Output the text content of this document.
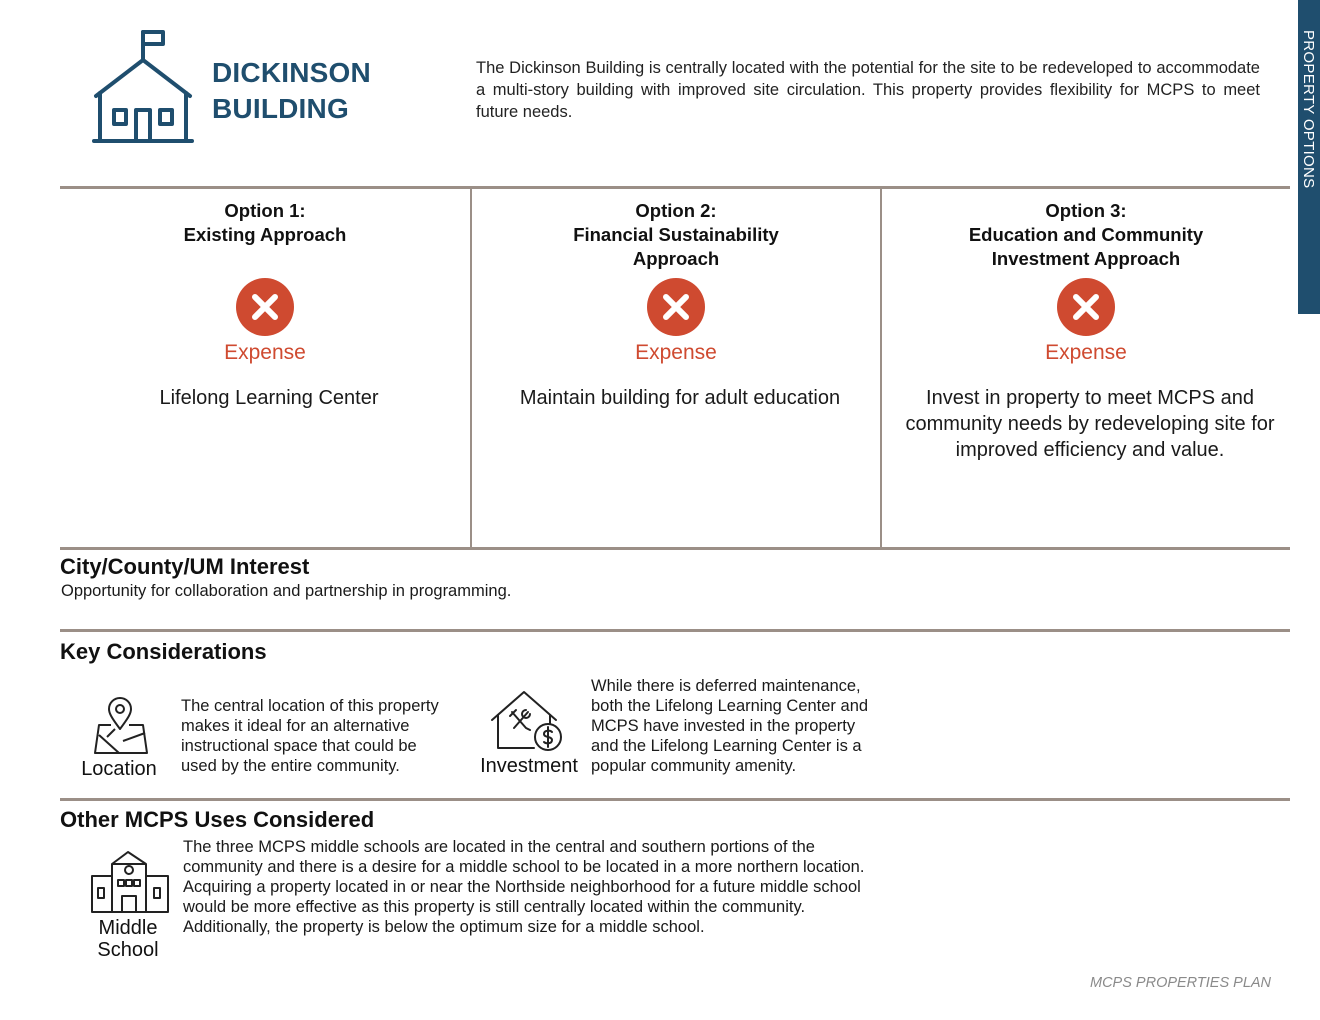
DICKINSON
BUILDING
The Dickinson Building is centrally located with the potential for the site to be redeveloped to accommodate a multi-story building with improved site circulation. This property provides flexibility for MCPS to meet future needs.	PROPERTY OPTIONS
Option 1:
Existing Approach
Expense
Lifelong Learning Center
Option 2:
Financial Sustainability
Approach
Expense
Maintain building for adult education
Option 3:
Education and Community
Investment Approach
Expense
Invest in property to meet MCPS and community needs by redeveloping site for improved efficiency and value.
City/County/UM Interest
Opportunity for collaboration and partnership in programming.
Key Considerations
Location
The central location of this property makes it ideal for an alternative instructional space that could be used by the entire community.	Investment
While there is deferred maintenance, both the Lifelong Learning Center and MCPS have invested in the property and the Lifelong Learning Center is a popular community amenity.
Other MCPS Uses Considered
Middle
School
The three MCPS middle schools are located in the central and southern portions of the community and there is a desire for a middle school to be located in a more northern location. Acquiring a property located in or near the Northside neighborhood for a future middle school would be more effective as this property is still centrally located within the community. Additionally, the property is below the optimum size for a middle school.
MCPS PROPERTIES PLAN
